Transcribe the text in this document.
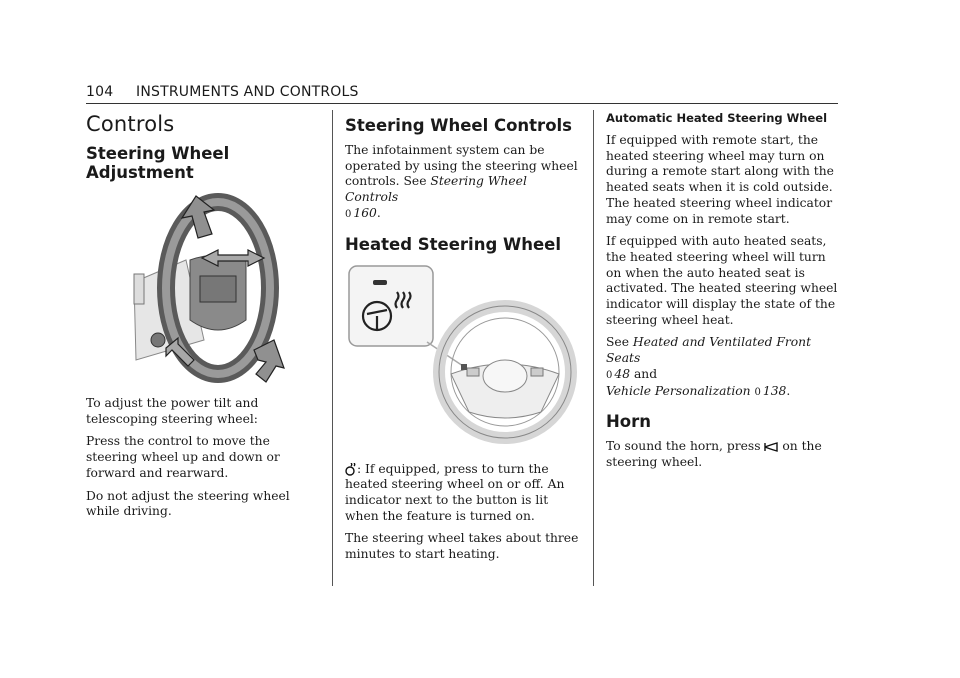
104 INSTRUMENTS AND CONTROLS
Controls
Steering Wheel Adjustment

To adjust the power tilt and telescoping steering wheel:

Press the control to move the steering wheel up and down or forward and rearward.

Do not adjust the steering wheel while driving.

Steering Wheel Controls

The infotainment system can be operated by using the steering wheel controls. See Steering Wheel Controls
0 160.

Heated Steering Wheel

: If equipped, press to turn the heated steering wheel on or off. An indicator next to the button is lit when the feature is turned on.

The steering wheel takes about three minutes to start heating.

Automatic Heated Steering Wheel

If equipped with remote start, the heated steering wheel may turn on during a remote start along with the heated seats when it is cold outside. The heated steering wheel indicator may come on in remote start.

If equipped with auto heated seats, the heated steering wheel will turn on when the auto heated seat is activated. The heated steering wheel indicator will display the state of the steering wheel heat.

See Heated and Ventilated Front Seats
0 48 and
Vehicle Personalization 0 138.

Horn

To sound the horn, press on the steering wheel.
